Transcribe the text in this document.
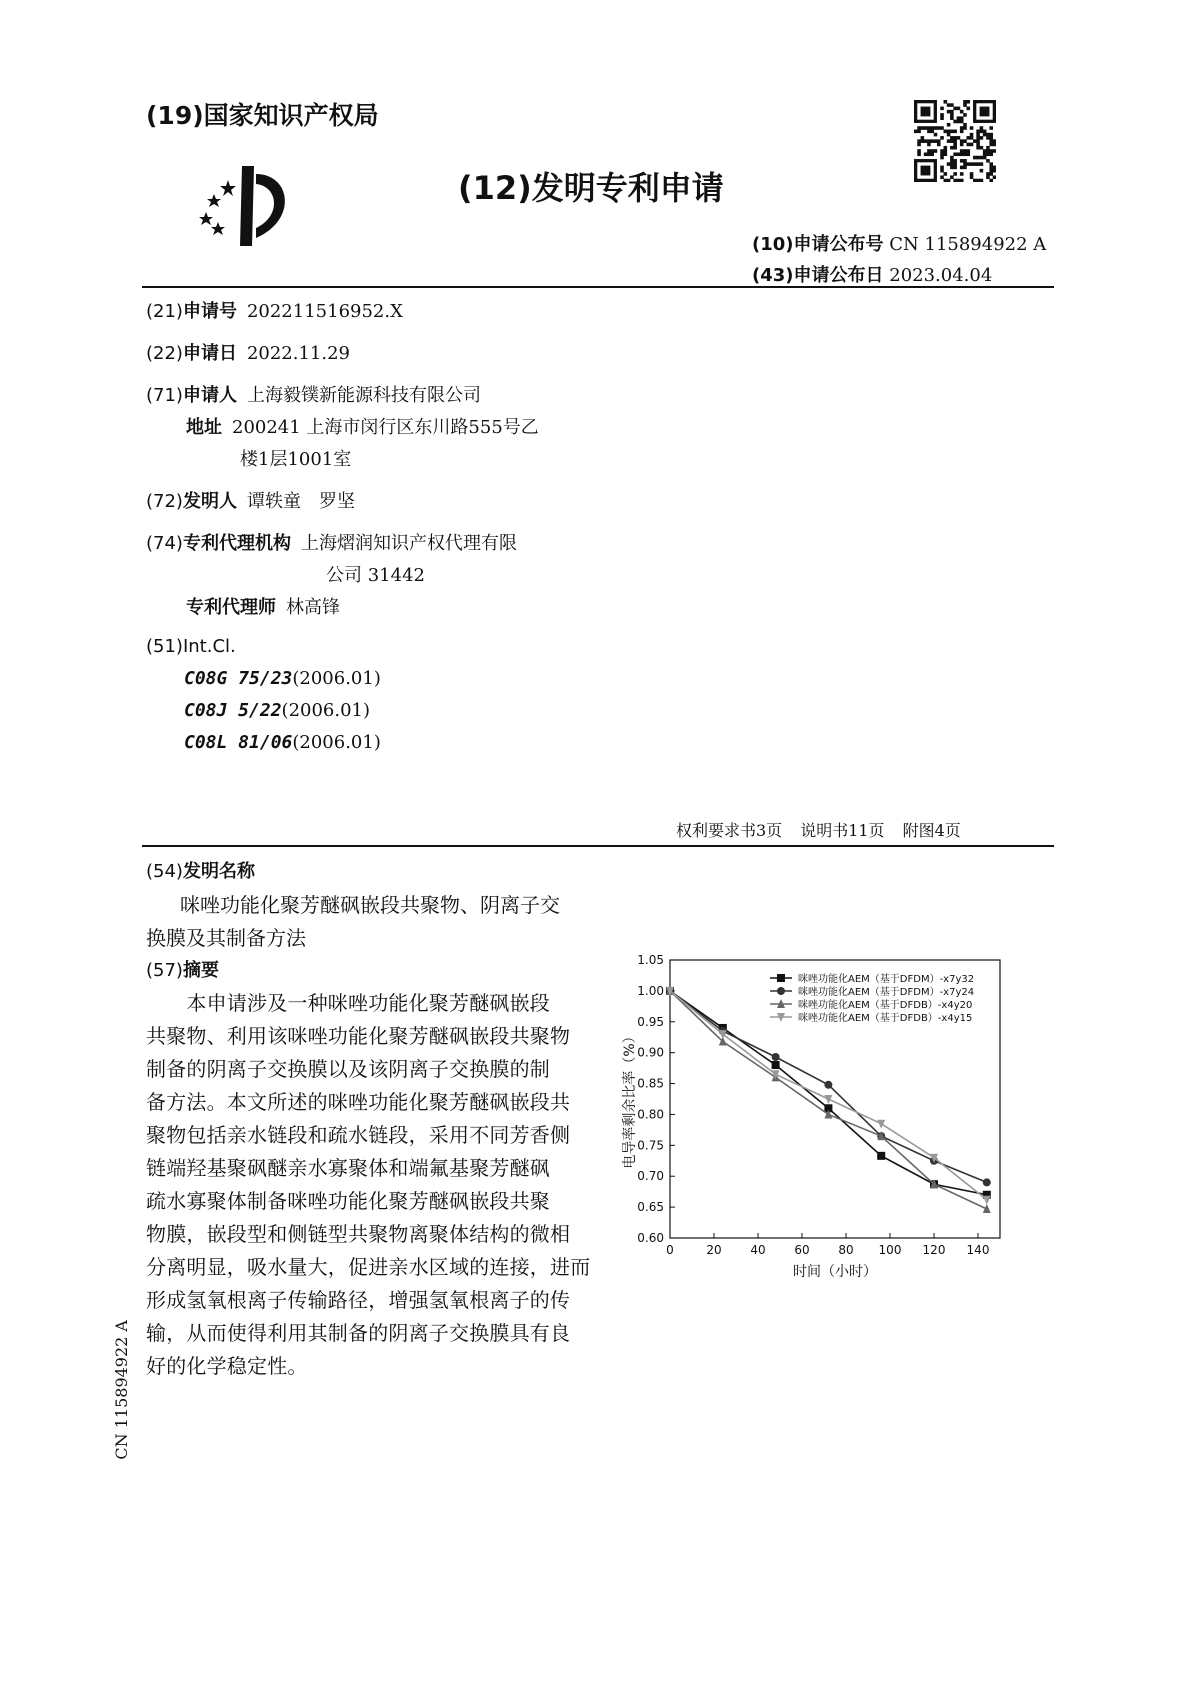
(19)国家知识产权局
(12)发明专利申请
(10)申请公布号 CN 115894922 A
(43)申请公布日 2023.04.04
(21)申请号 202211516952.X
(22)申请日 2022.11.29
(71)申请人 上海毅镤新能源科技有限公司
地址 200241 上海市闵行区东川路555号乙
楼1层1001室
(72)发明人 谭轶童　罗坚
(74)专利代理机构 上海熠润知识产权代理有限
公司 31442
专利代理师 林高锋
(51)Int.Cl.
C08G 75/23(2006.01)
C08J 5/22(2006.01)
C08L 81/06(2006.01)
权利要求书3页 说明书11页 附图4页
(54)发明名称
咪唑功能化聚芳醚砜嵌段共聚物、阴离子交
换膜及其制备方法
(57)摘要
　　本申请涉及一种咪唑功能化聚芳醚砜嵌段
共聚物、利用该咪唑功能化聚芳醚砜嵌段共聚物
制备的阴离子交换膜以及该阴离子交换膜的制
备方法。本文所述的咪唑功能化聚芳醚砜嵌段共
聚物包括亲水链段和疏水链段，采用不同芳香侧
链端羟基聚砜醚亲水寡聚体和端氟基聚芳醚砜
疏水寡聚体制备咪唑功能化聚芳醚砜嵌段共聚
物膜，嵌段型和侧链型共聚物离聚体结构的微相
分离明显，吸水量大，促进亲水区域的连接，进而
形成氢氧根离子传输路径，增强氢氧根离子的传
输，从而使得利用其制备的阴离子交换膜具有良
好的化学稳定性。
CN 115894922 A
0	20 40 60 80 100 120 140
0.60
0.65
0.70
0.75
0.80
0.85
0.90
0.95
1.00
1.05
时间（小时）
电导率剩余比率（%）
咪唑功能化AEM（基于DFDM）-x7y32
咪唑功能化AEM（基于DFDM）-x7y24
咪唑功能化AEM（基于DFDB）-x4y20
咪唑功能化AEM（基于DFDB）-x4y15
